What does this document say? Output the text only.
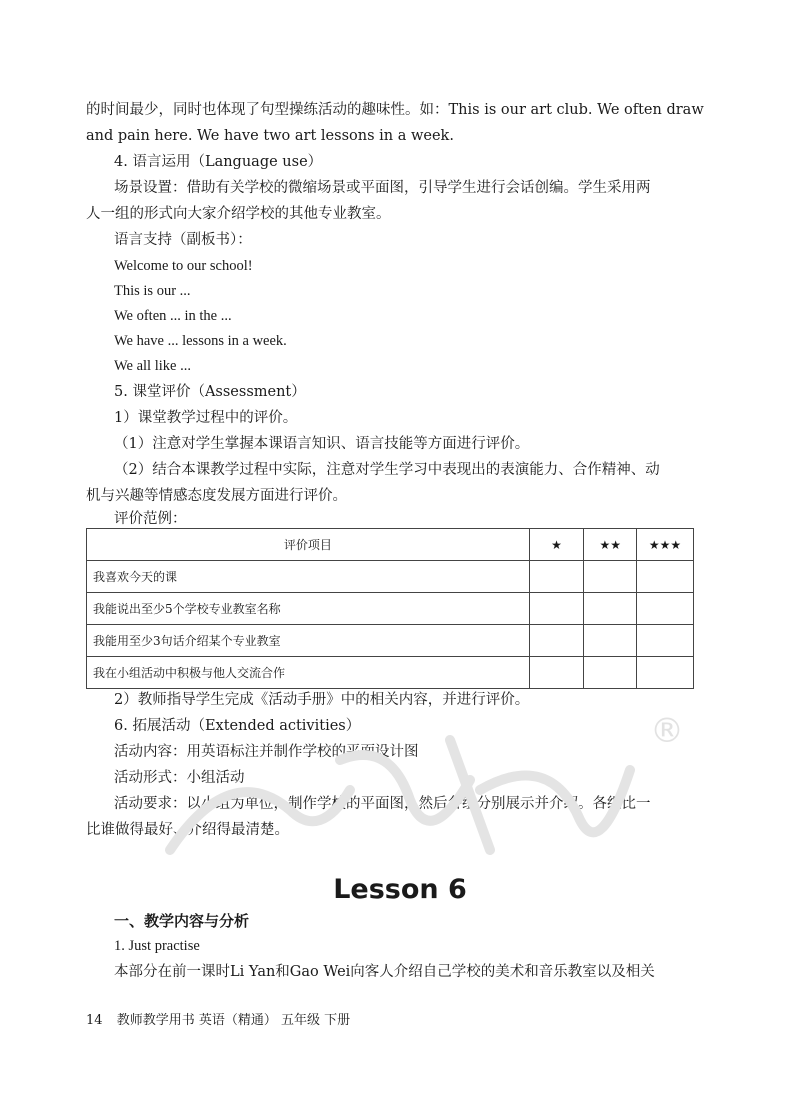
的时间最少，同时也体现了句型操练活动的趣味性。如：This is our art club. We often draw
and pain here. We have two art lessons in a week.
4. 语言运用（Language use）
场景设置：借助有关学校的微缩场景或平面图，引导学生进行会话创编。学生采用两
人一组的形式向大家介绍学校的其他专业教室。
语言支持（副板书）：
Welcome to our school!
This is our ...
We often ... in the ...
We have ... lessons in a week.
We all like ...
5. 课堂评价（Assessment）
1）课堂教学过程中的评价。
（1）注意对学生掌握本课语言知识、语言技能等方面进行评价。
（2）结合本课教学过程中实际，注意对学生学习中表现出的表演能力、合作精神、动
机与兴趣等情感态度发展方面进行评价。
评价范例：
评价项目	★	★★	★★★
我喜欢今天的课			
我能说出至少5个学校专业教室名称			
我能用至少3句话介绍某个专业教室			
我在小组活动中积极与他人交流合作			
2）教师指导学生完成《活动手册》中的相关内容，并进行评价。
6. 拓展活动（Extended activities）
活动内容：用英语标注并制作学校的平面设计图
活动形式：小组活动
活动要求：以小组为单位，制作学校的平面图，然后各组分别展示并介绍。各组比一
比谁做得最好、介绍得最清楚。
®
Lesson 6
一、教学内容与分析
1. Just practise
本部分在前一课时Li Yan和Gao Wei向客人介绍自己学校的美术和音乐教室以及相关
14 教师教学用书 英语（精通） 五年级 下册
